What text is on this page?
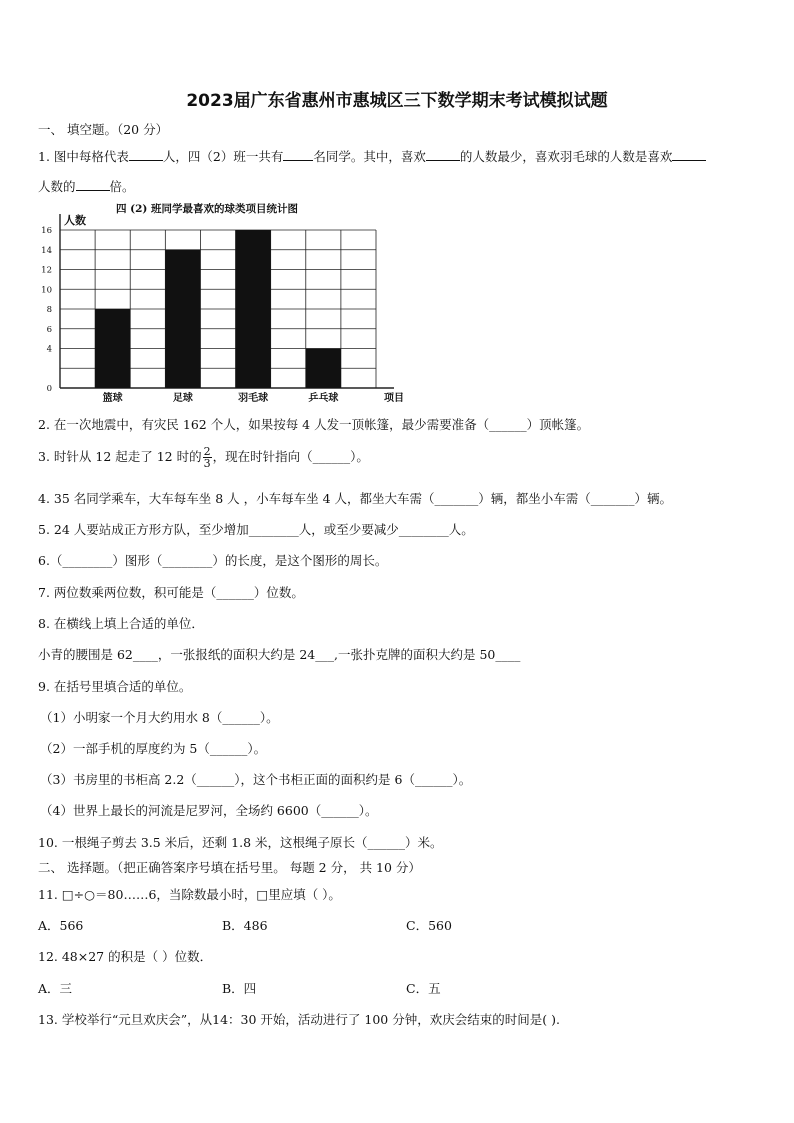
2023届广东省惠州市惠城区三下数学期末考试模拟试题
一、 填空题。（20 分）
1. 图中每格代表	人，四（2）班一共有 名同学。其中，喜欢	的人数最少，喜欢羽毛球的人数是喜欢
人数的	倍。
0
4
6
8
10
12
14
16
篮球	足球	羽毛球	乒乓球
四 (2) 班同学最喜欢的球类项目统计图
人数
项目
2. 在一次地震中，有灾民 162 个人，如果按每 4 人发一顶帐篷，最少需要准备（______）顶帐篷。
3. 时针从 12 起走了 12 时的 $\frac{2}{3}$ ，现在时针指向（______）。
4. 35 名同学乘车，大车每车坐 8 人 ，小车每车坐 4 人，都坐大车需（_______）辆，都坐小车需（_______）辆。
5. 24 人要站成正方形方队，至少增加________人，或至少要减少________人。
6.（________）图形（________）的长度，是这个图形的周长。
7. 两位数乘两位数，积可能是（______）位数。
8. 在横线上填上合适的单位．
小青的腰围是 62____，一张报纸的面积大约是 24___,一张扑克牌的面积大约是 50____
9. 在括号里填合适的单位。
（1）小明家一个月大约用水 8（______）。
（2）一部手机的厚度约为 5（______）。
（3）书房里的书柜高 2.2（______），这个书柜正面的面积约是 6（______）。
（4）世界上最长的河流是尼罗河，全场约 6600（______）。
10. 一根绳子剪去 3.5 米后，还剩 1.8 米，这根绳子原长（______）米。
二、 选择题。（把正确答案序号填在括号里。 每题 2 分， 共 10 分）
11. □÷○＝80……6，当除数最小时，□里应填（ ）。
A．566	B．486	C．560
12. 48×27 的积是（ ）位数．
A．三	B．四	C．五
13. 学校举行“元旦欢庆会”，从14：30 开始，活动进行了 100 分钟，欢庆会结束的时间是( ).
